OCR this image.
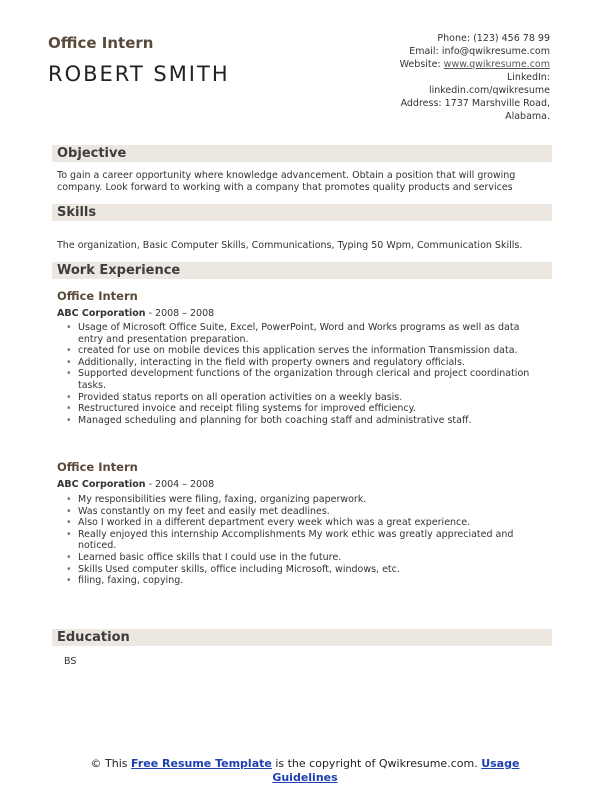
Office Intern
ROBERT SMITH
Phone: (123) 456 78 99
Email: info@qwikresume.com
Website: www.qwikresume.com
LinkedIn:
linkedin.com/qwikresume
Address: 1737 Marshville Road,
Alabama.
Objective
To gain a career opportunity where knowledge advancement. Obtain a position that will growing company. Look forward to working with a company that promotes quality products and services
Skills
The organization, Basic Computer Skills, Communications, Typing 50 Wpm, Communication Skills.
Work Experience
Office Intern
ABC Corporation - 2008 – 2008
• Usage of Microsoft Office Suite, Excel, PowerPoint, Word and Works programs as well as data entry and presentation preparation.
• created for use on mobile devices this application serves the information Transmission data.
• Additionally, interacting in the field with property owners and regulatory officials.
• Supported development functions of the organization through clerical and project coordination tasks.
• Provided status reports on all operation activities on a weekly basis.
• Restructured invoice and receipt filing systems for improved efficiency.
• Managed scheduling and planning for both coaching staff and administrative staff.
Office Intern
ABC Corporation - 2004 – 2008
• My responsibilities were filing, faxing, organizing paperwork.
• Was constantly on my feet and easily met deadlines.
• Also I worked in a different department every week which was a great experience.
• Really enjoyed this internship Accomplishments My work ethic was greatly appreciated and noticed.
• Learned basic office skills that I could use in the future.
• Skills Used computer skills, office including Microsoft, windows, etc.
• filing, faxing, copying.
Education
BS
© This Free Resume Template is the copyright of Qwikresume.com. Usage Guidelines
